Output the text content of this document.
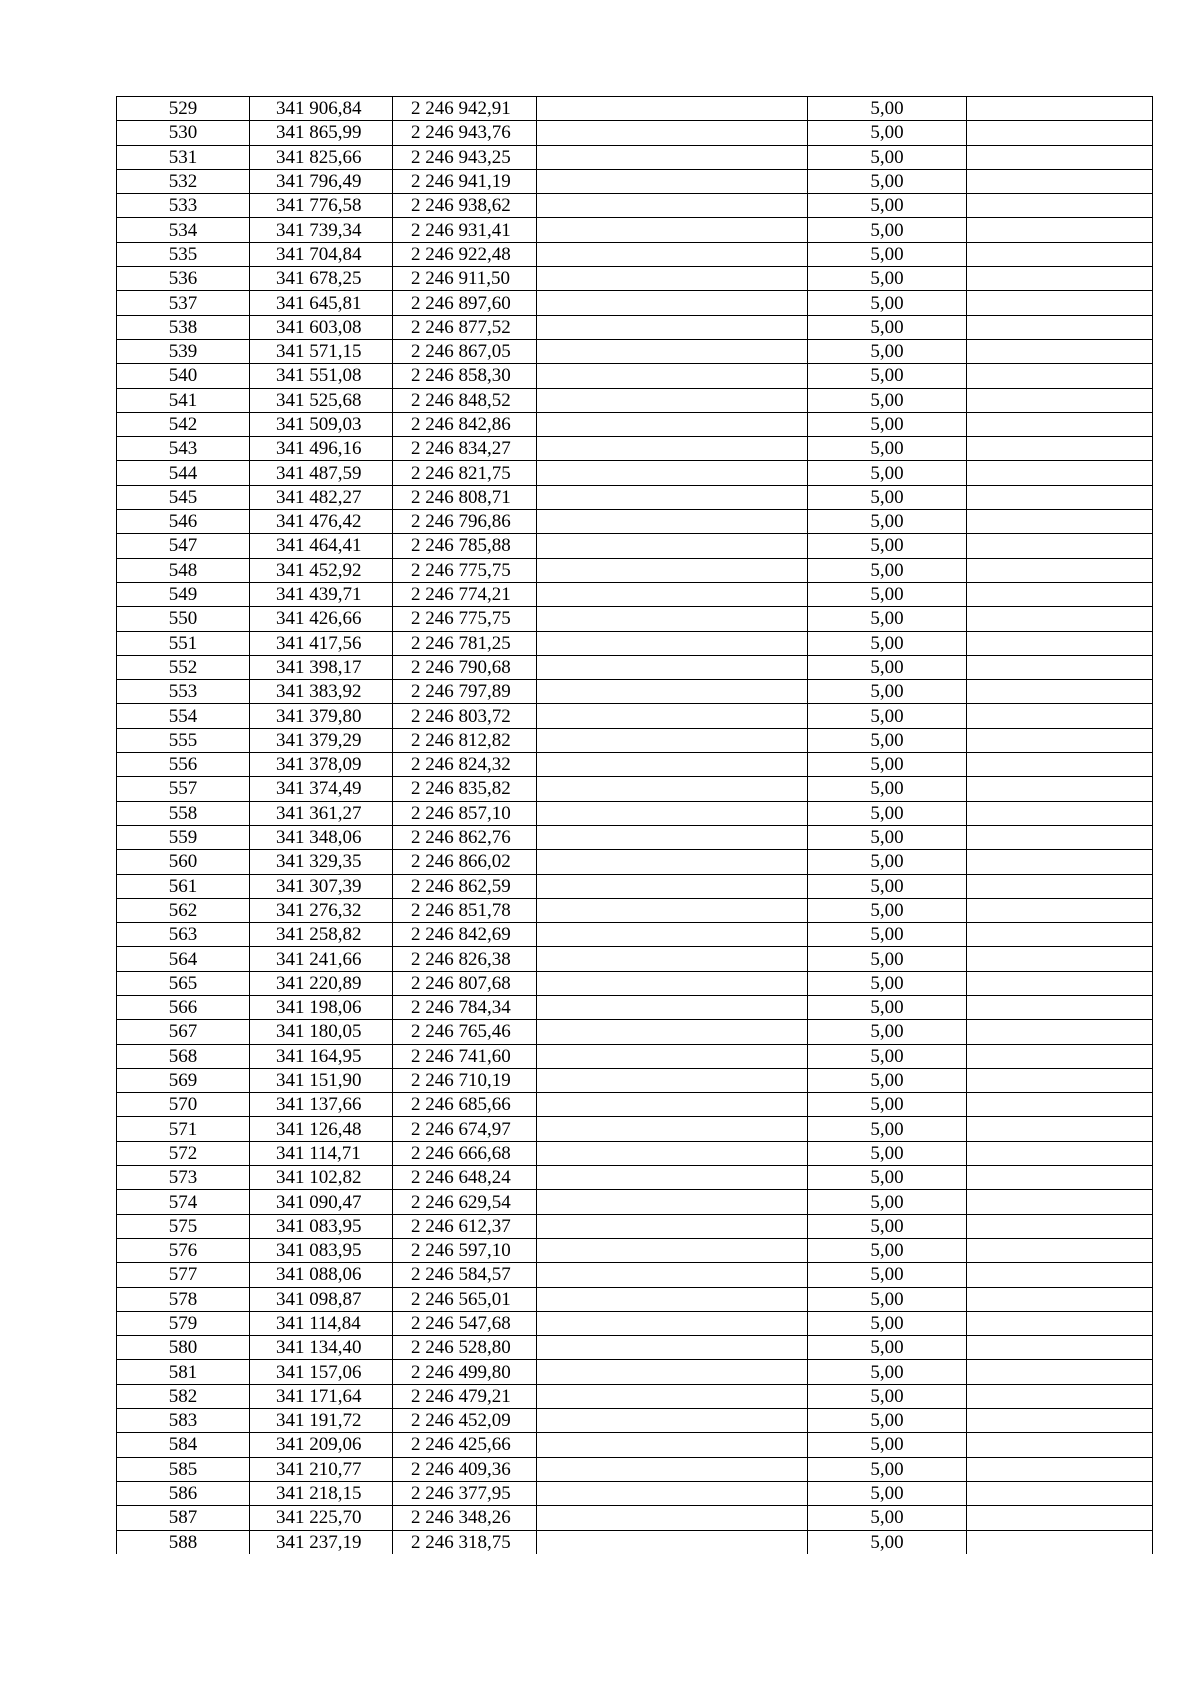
529	341 906,84	2 246 942,91		5,00	
530	341 865,99	2 246 943,76		5,00	
531	341 825,66	2 246 943,25		5,00	
532	341 796,49	2 246 941,19		5,00	
533	341 776,58	2 246 938,62		5,00	
534	341 739,34	2 246 931,41		5,00	
535	341 704,84	2 246 922,48		5,00	
536	341 678,25	2 246 911,50		5,00	
537	341 645,81	2 246 897,60		5,00	
538	341 603,08	2 246 877,52		5,00	
539	341 571,15	2 246 867,05		5,00	
540	341 551,08	2 246 858,30		5,00	
541	341 525,68	2 246 848,52		5,00	
542	341 509,03	2 246 842,86		5,00	
543	341 496,16	2 246 834,27		5,00	
544	341 487,59	2 246 821,75		5,00	
545	341 482,27	2 246 808,71		5,00	
546	341 476,42	2 246 796,86		5,00	
547	341 464,41	2 246 785,88		5,00	
548	341 452,92	2 246 775,75		5,00	
549	341 439,71	2 246 774,21		5,00	
550	341 426,66	2 246 775,75		5,00	
551	341 417,56	2 246 781,25		5,00	
552	341 398,17	2 246 790,68		5,00	
553	341 383,92	2 246 797,89		5,00	
554	341 379,80	2 246 803,72		5,00	
555	341 379,29	2 246 812,82		5,00	
556	341 378,09	2 246 824,32		5,00	
557	341 374,49	2 246 835,82		5,00	
558	341 361,27	2 246 857,10		5,00	
559	341 348,06	2 246 862,76		5,00	
560	341 329,35	2 246 866,02		5,00	
561	341 307,39	2 246 862,59		5,00	
562	341 276,32	2 246 851,78		5,00	
563	341 258,82	2 246 842,69		5,00	
564	341 241,66	2 246 826,38		5,00	
565	341 220,89	2 246 807,68		5,00	
566	341 198,06	2 246 784,34		5,00	
567	341 180,05	2 246 765,46		5,00	
568	341 164,95	2 246 741,60		5,00	
569	341 151,90	2 246 710,19		5,00	
570	341 137,66	2 246 685,66		5,00	
571	341 126,48	2 246 674,97		5,00	
572	341 114,71	2 246 666,68		5,00	
573	341 102,82	2 246 648,24		5,00	
574	341 090,47	2 246 629,54		5,00	
575	341 083,95	2 246 612,37		5,00	
576	341 083,95	2 246 597,10		5,00	
577	341 088,06	2 246 584,57		5,00	
578	341 098,87	2 246 565,01		5,00	
579	341 114,84	2 246 547,68		5,00	
580	341 134,40	2 246 528,80		5,00	
581	341 157,06	2 246 499,80		5,00	
582	341 171,64	2 246 479,21		5,00	
583	341 191,72	2 246 452,09		5,00	
584	341 209,06	2 246 425,66		5,00	
585	341 210,77	2 246 409,36		5,00	
586	341 218,15	2 246 377,95		5,00	
587	341 225,70	2 246 348,26		5,00	
588	341 237,19	2 246 318,75		5,00	
